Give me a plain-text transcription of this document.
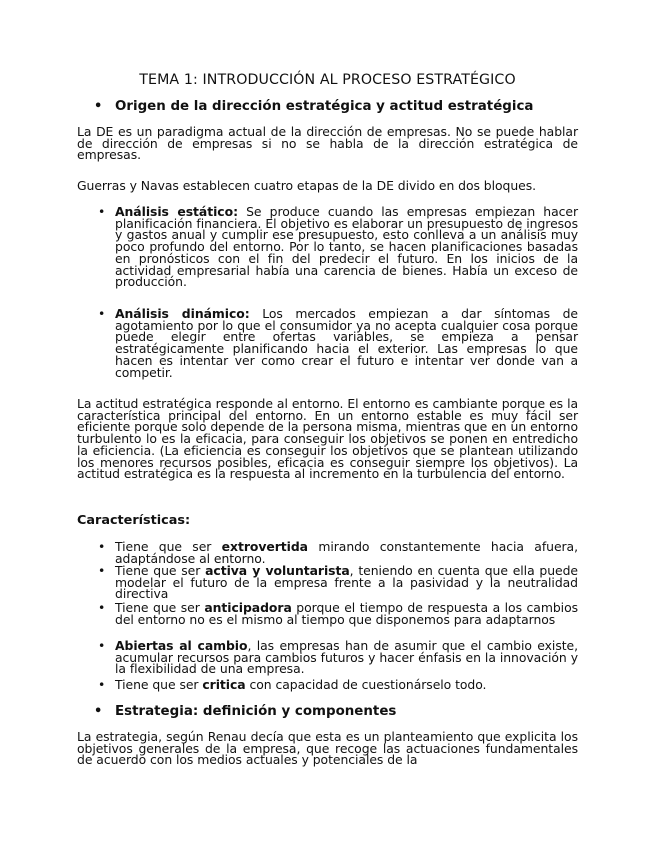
TEMA 1: INTRODUCCIÓN AL PROCESO ESTRATÉGICO
• Origen de la dirección estratégica y actitud estratégica
La DE es un paradigma actual de la dirección de empresas. No se puede hablar de dirección de empresas si no se habla de la dirección estratégica de empresas.
Guerras y Navas establecen cuatro etapas de la DE divido en dos bloques.
• Análisis estático: Se produce cuando las empresas empiezan hacer planificación financiera. El objetivo es elaborar un presupuesto de ingresos y gastos anual y cumplir ese presupuesto, esto conlleva a un análisis muy poco profundo del entorno. Por lo tanto, se hacen planificaciones basadas en pronósticos con el fin del predecir el futuro. En los inicios de la actividad empresarial había una carencia de bienes. Había un exceso de producción.
• Análisis dinámico: Los mercados empiezan a dar síntomas de agotamiento por lo que el consumidor ya no acepta cualquier cosa porque puede elegir entre ofertas variables, se empieza a pensar estratégicamente planificando hacia el exterior. Las empresas lo que hacen es intentar ver como crear el futuro e intentar ver donde van a competir.
La actitud estratégica responde al entorno. El entorno es cambiante porque es la característica principal del entorno. En un entorno estable es muy fácil ser eficiente porque solo depende de la persona misma, mientras que en un entorno turbulento lo es la eficacia, para conseguir los objetivos se ponen en entredicho la eficiencia. (La eficiencia es conseguir los objetivos que se plantean utilizando los menores recursos posibles, eficacia es conseguir siempre los objetivos). La actitud estratégica es la respuesta al incremento en la turbulencia del entorno.
Características:
• Tiene que ser extrovertida mirando constantemente hacia afuera, adaptándose al entorno.
• Tiene que ser activa y voluntarista, teniendo en cuenta que ella puede modelar el futuro de la empresa frente a la pasividad y la neutralidad directiva
• Tiene que ser anticipadora porque el tiempo de respuesta a los cambios del entorno no es el mismo al tiempo que disponemos para adaptarnos
• Abiertas al cambio, las empresas han de asumir que el cambio existe, acumular recursos para cambios futuros y hacer énfasis en la innovación y la flexibilidad de una empresa.
• Tiene que ser critica con capacidad de cuestionárselo todo.
• Estrategia: definición y componentes
La estrategia, según Renau decía que esta es un planteamiento que explicita los objetivos generales de la empresa, que recoge las actuaciones fundamentales de acuerdo con los medios actuales y potenciales de la
